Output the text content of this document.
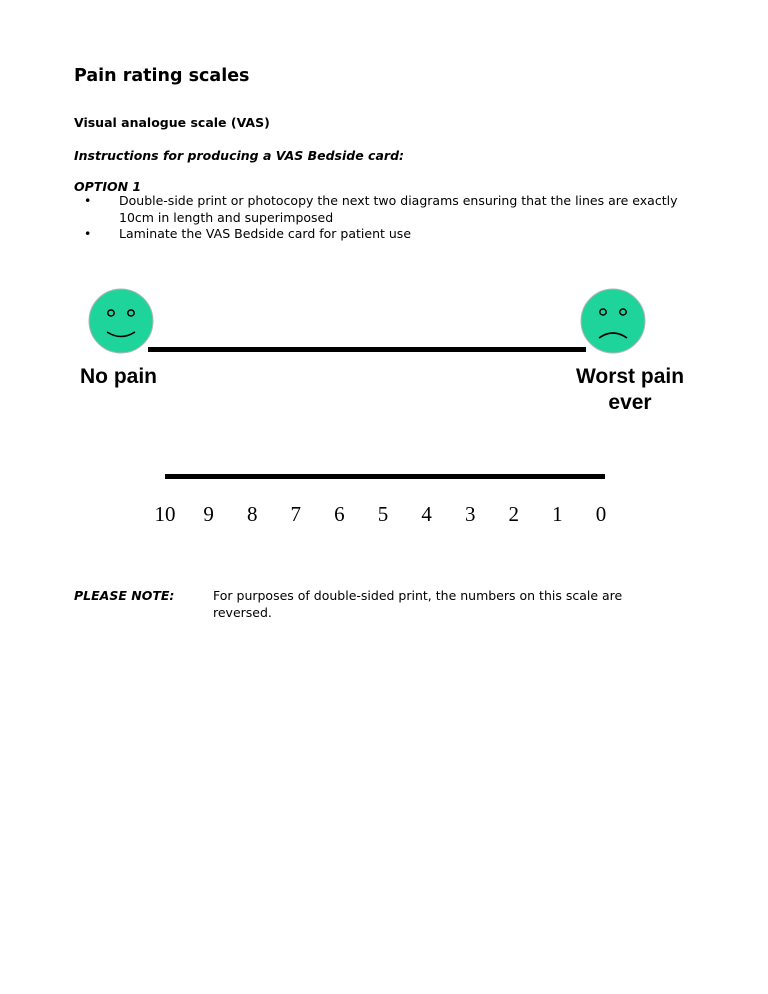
Pain rating scales
Visual analogue scale (VAS)
Instructions for producing a VAS Bedside card:
OPTION 1
• Double-side print or photocopy the next two diagrams ensuring that the lines are exactly 10cm in length and superimposed
• Laminate the VAS Bedside card for patient use
No pain	Worst pain ever
10 9 8 7 6 5 4 3 2 1 0
PLEASE NOTE:	For purposes of double-sided print, the numbers on this scale are reversed.
